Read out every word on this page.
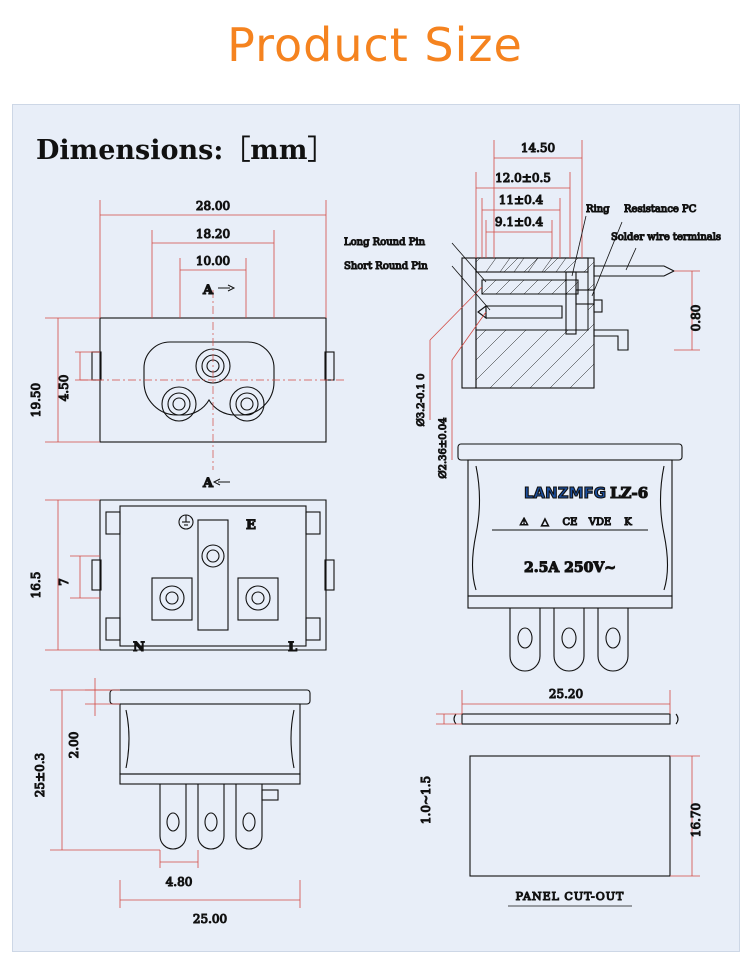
Product Size
Dimensions:［mm］
28.00
18.20
10.00
19.50 4.50
A
A
16.5 7
E
N	L
25±0.3
2.00
4.80
25.00
14.50
12.0±0.5
11±0.4
9.1±0.4
0.80
Ø3.2-0.1 0
Ø2.36±0.04
Long Round Pin
Short Round Pin
Ring Resistance PC
Solder wire terminals
LANZMFG LZ-6
2.5A 250V~
⚠ △ CE VDE K
25.20
1.0~1.5	16.70
PANEL CUT-OUT
